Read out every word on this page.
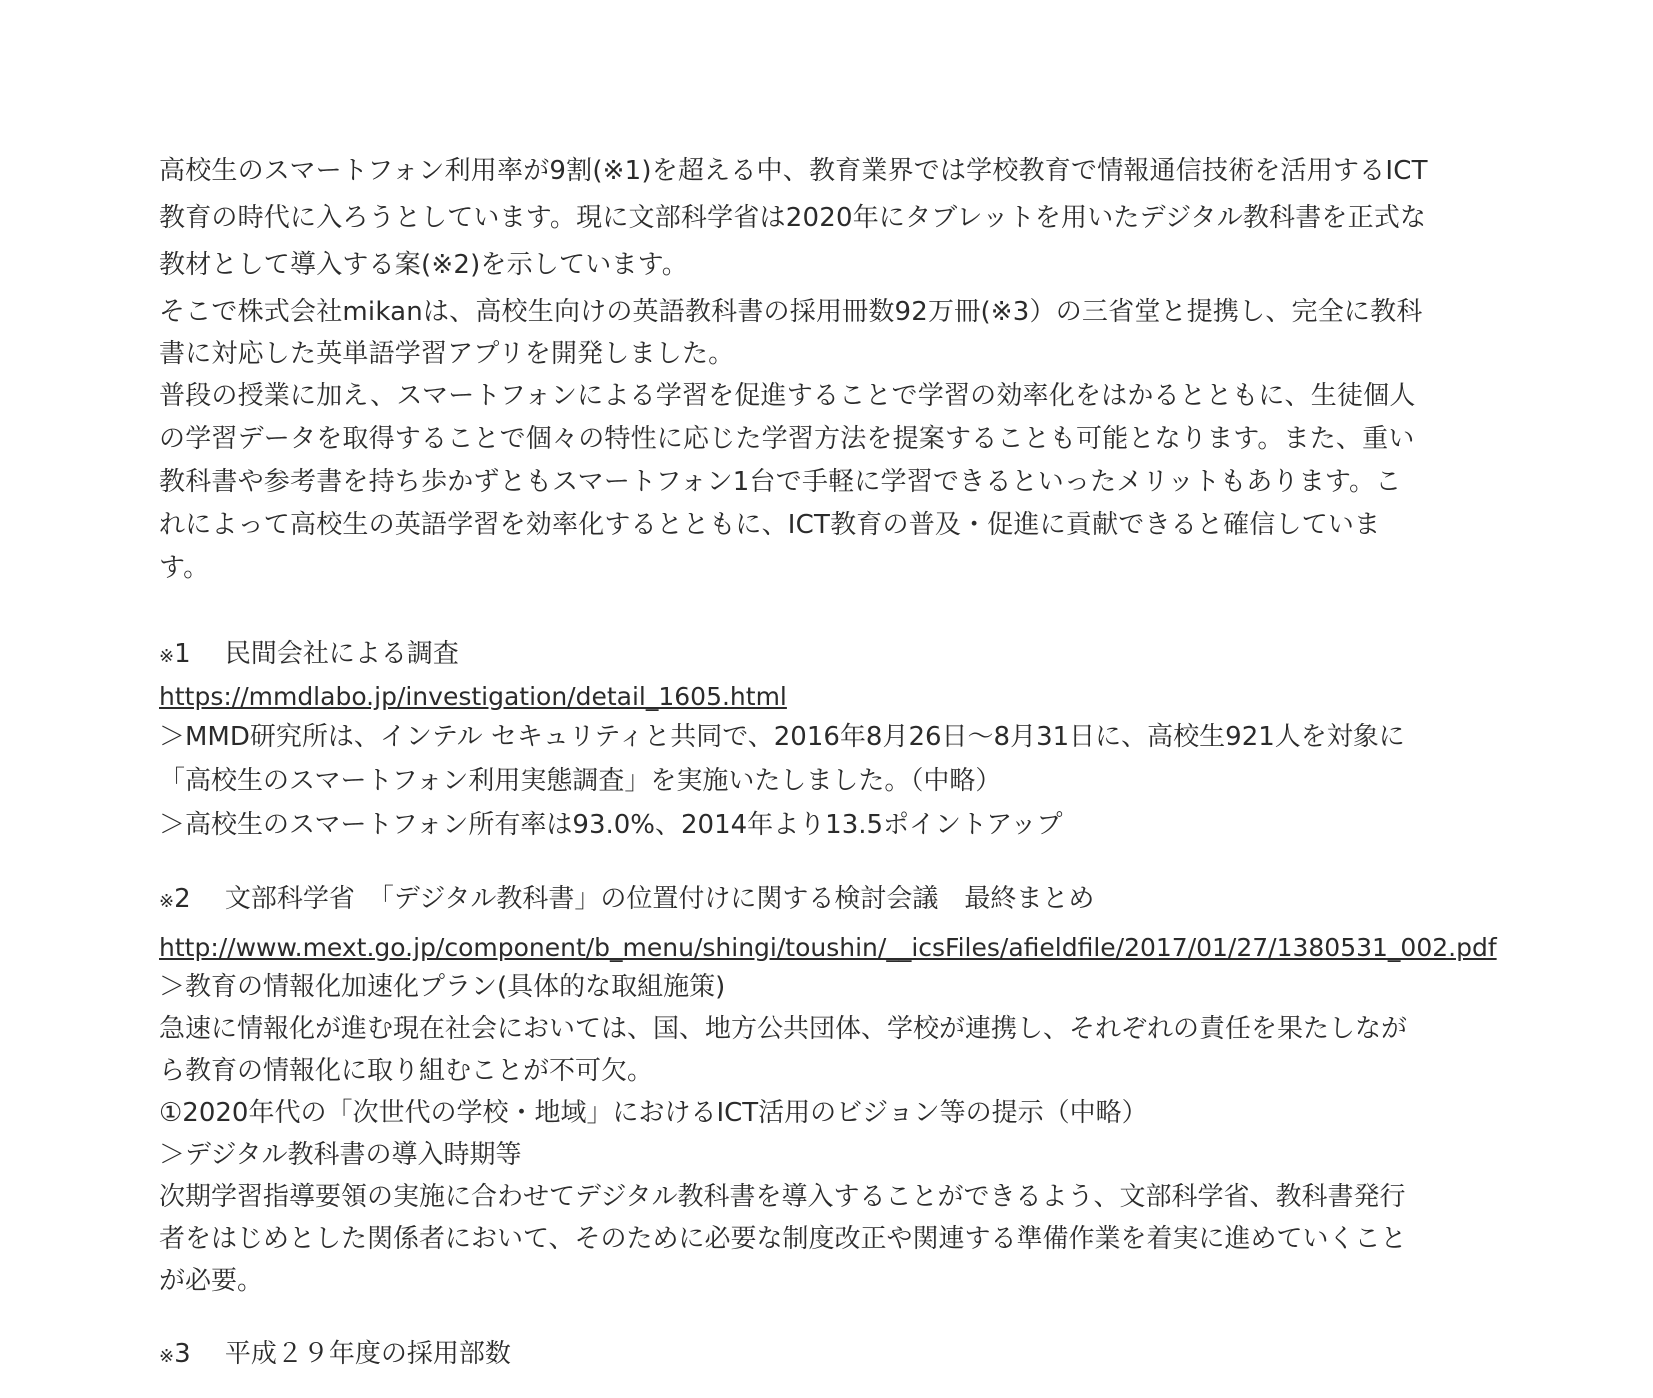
高校生のスマートフォン利用率が9割(※1)を超える中、教育業界では学校教育で情報通信技術を活用するICT
教育の時代に入ろうとしています。現に文部科学省は2020年にタブレットを用いたデジタル教科書を正式な
教材として導入する案(※2)を示しています。
そこで株式会社mikanは、高校生向けの英語教科書の採用冊数92万冊(※3）の三省堂と提携し、完全に教科
書に対応した英単語学習アプリを開発しました。
普段の授業に加え、スマートフォンによる学習を促進することで学習の効率化をはかるとともに、生徒個人
の学習データを取得することで個々の特性に応じた学習方法を提案することも可能となります。また、重い
教科書や参考書を持ち歩かずともスマートフォン1台で手軽に学習できるといったメリットもあります。こ
れによって高校生の英語学習を効率化するとともに、ICT教育の普及・促進に貢献できると確信していま
す。
※1　 民間会社による調査
https://mmdlabo.jp/investigation/detail_1605.html
＞MMD研究所は、インテル セキュリティと共同で、2016年8月26日〜8月31日に、高校生921人を対象に
「高校生のスマートフォン利用実態調査」を実施いたしました。（中略）
＞高校生のスマートフォン所有率は93.0%、2014年より13.5ポイントアップ
※2　 文部科学省　「デジタル教科書」の位置付けに関する検討会議　最終まとめ
http://www.mext.go.jp/component/b_menu/shingi/toushin/__icsFiles/afieldfile/2017/01/27/1380531_002.pdf
＞教育の情報化加速化プラン(具体的な取組施策)
急速に情報化が進む現在社会においては、国、地方公共団体、学校が連携し、それぞれの責任を果たしなが
ら教育の情報化に取り組むことが不可欠。
①2020年代の「次世代の学校・地域」におけるICT活用のビジョン等の提示（中略）
＞デジタル教科書の導入時期等
次期学習指導要領の実施に合わせてデジタル教科書を導入することができるよう、文部科学省、教科書発行
者をはじめとした関係者において、そのために必要な制度改正や関連する準備作業を着実に進めていくこと
が必要。
※3　 平成２９年度の採用部数
